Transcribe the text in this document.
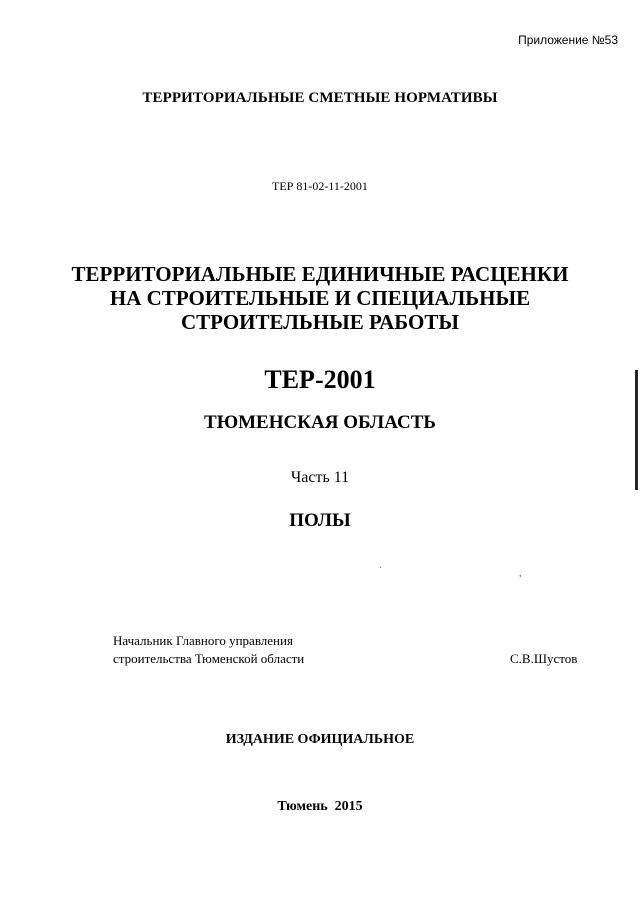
Приложение №53
ТЕРРИТОРИАЛЬНЫЕ СМЕТНЫЕ НОРМАТИВЫ
ТЕР 81-02-11-2001
ТЕРРИТОРИАЛЬНЫЕ ЕДИНИЧНЫЕ РАСЦЕНКИ
НА СТРОИТЕЛЬНЫЕ И СПЕЦИАЛЬНЫЕ
СТРОИТЕЛЬНЫЕ РАБОТЫ
ТЕР-2001
ТЮМЕНСКАЯ ОБЛАСТЬ
Часть 11
ПОЛЫ
˙	,
Начальник Главного управления
строительства Тюменской области	С.В.Шустов
ИЗДАНИЕ ОФИЦИАЛЬНОЕ
Тюмень  2015
